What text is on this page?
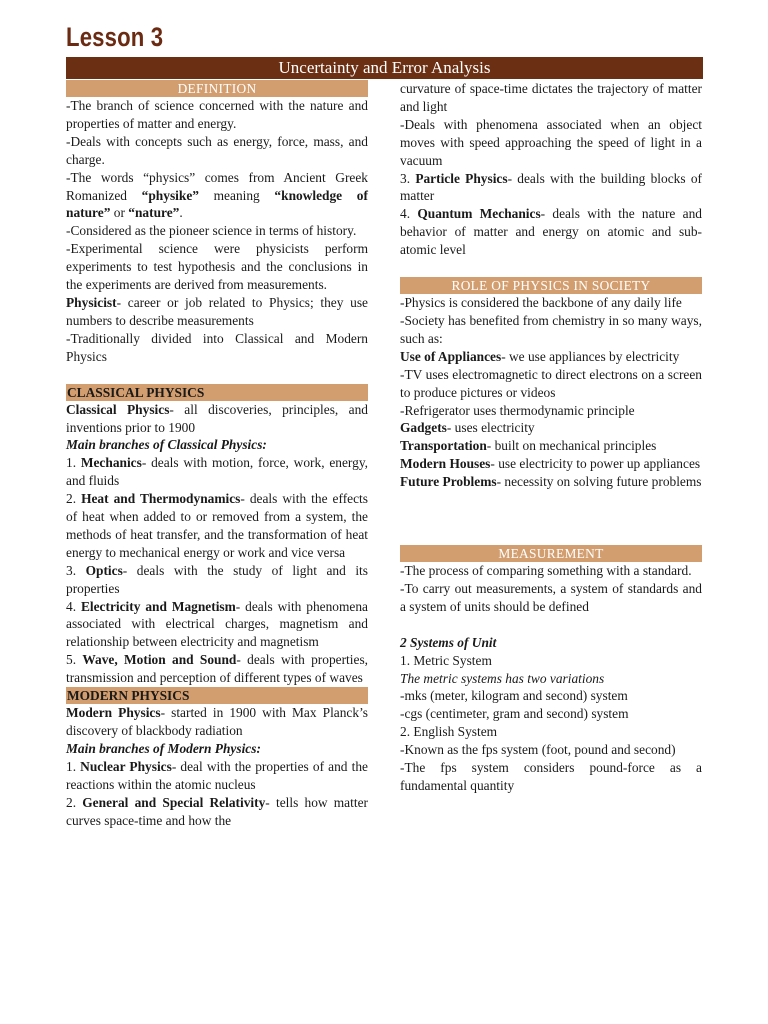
Lesson 3
Uncertainty and Error Analysis
DEFINITION

-The branch of science concerned with the nature and properties of matter and energy.

-Deals with concepts such as energy, force, mass, and charge.

-The words “physics” comes from Ancient Greek Romanized “physike” meaning “knowledge of nature” or “nature”.

-Considered as the pioneer science in terms of history.

-Experimental science were physicists perform experiments to test hypothesis and the conclusions in the experiments are derived from measurements.

Physicist- career or job related to Physics; they use numbers to describe measurements

-Traditionally divided into Classical and Modern Physics

CLASSICAL PHYSICS

Classical Physics- all discoveries, principles, and inventions prior to 1900

Main branches of Classical Physics:

1. Mechanics- deals with motion, force, work, energy, and fluids

2. Heat and Thermodynamics- deals with the effects of heat when added to or removed from a system, the methods of heat transfer, and the transformation of heat energy to mechanical energy or work and vice versa

3. Optics- deals with the study of light and its properties

4. Electricity and Magnetism- deals with phenomena associated with electrical charges, magnetism and relationship between electricity and magnetism

5. Wave, Motion and Sound- deals with properties, transmission and perception of different types of waves

MODERN PHYSICS

Modern Physics- started in 1900 with Max Planck’s discovery of blackbody radiation

Main branches of Modern Physics:

1. Nuclear Physics- deal with the properties of and the reactions within the atomic nucleus

2. General and Special Relativity- tells how matter curves space-time and how the

curvature of space-time dictates the trajectory of matter and light

-Deals with phenomena associated when an object moves with speed approaching the speed of light in a vacuum

3. Particle Physics- deals with the building blocks of matter

4. Quantum Mechanics- deals with the nature and behavior of matter and energy on atomic and sub-atomic level

ROLE OF PHYSICS IN SOCIETY

-Physics is considered the backbone of any daily life

-Society has benefited from chemistry in so many ways, such as:

Use of Appliances- we use appliances by electricity

-TV uses electromagnetic to direct electrons on a screen to produce pictures or videos

-Refrigerator uses thermodynamic principle

Gadgets- uses electricity

Transportation- built on mechanical principles

Modern Houses- use electricity to power up appliances

Future Problems- necessity on solving future problems

MEASUREMENT

-The process of comparing something with a standard.

-To carry out measurements, a system of standards and a system of units should be defined

2 Systems of Unit

1. Metric System

The metric systems has two variations

-mks (meter, kilogram and second) system

-cgs (centimeter, gram and second) system

2. English System

-Known as the fps system (foot, pound and second)

-The fps system considers pound-force as a fundamental quantity
